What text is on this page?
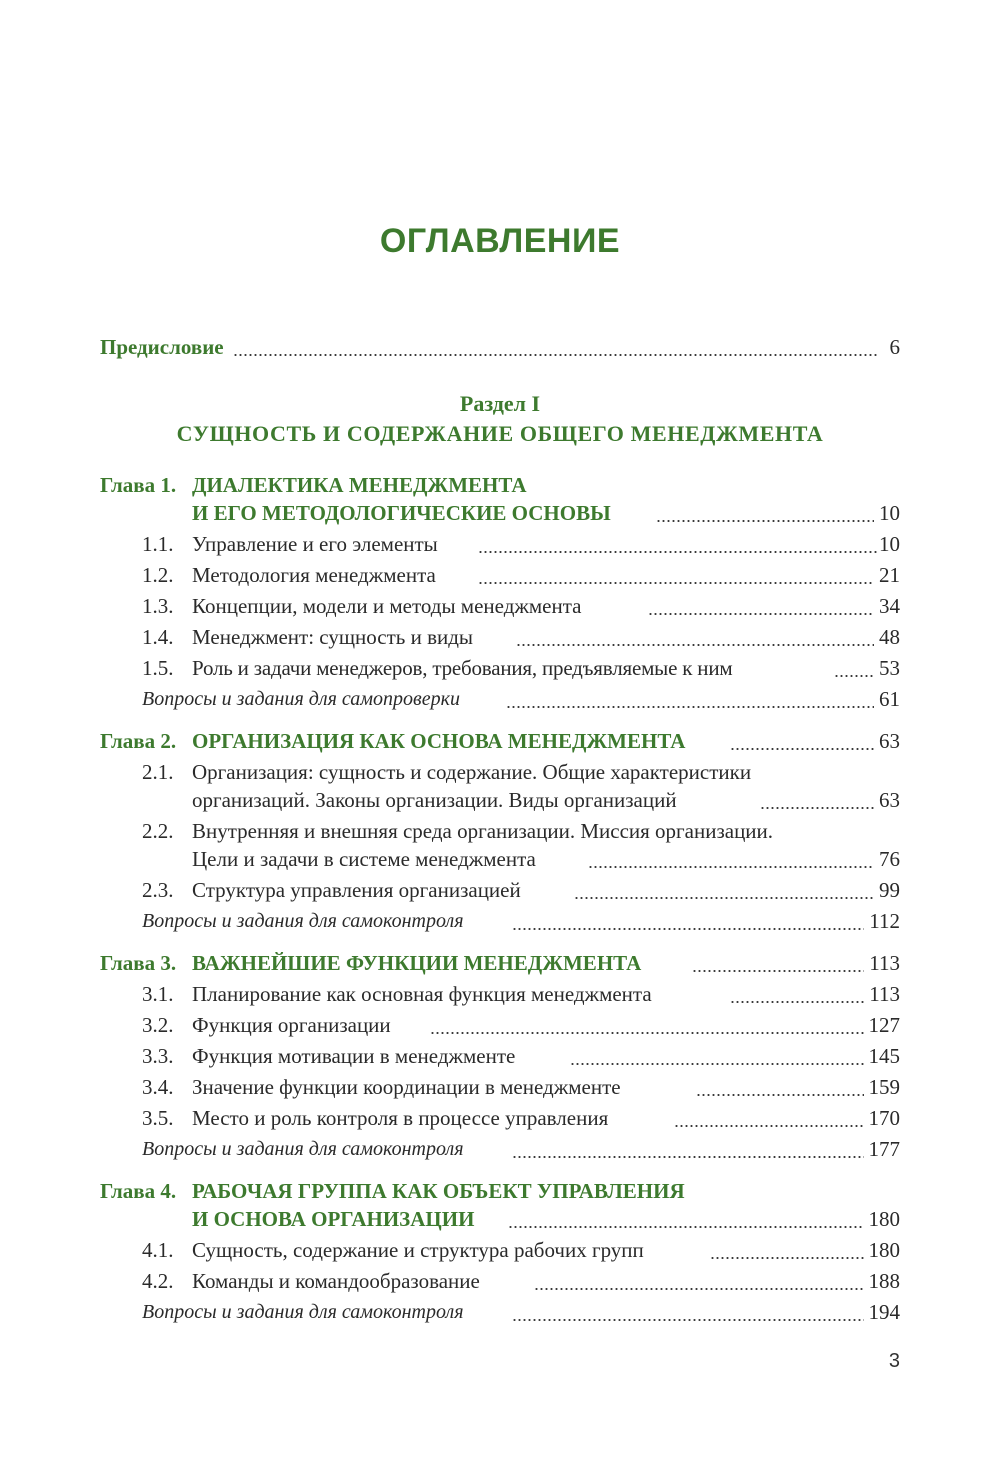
ОГЛАВЛЕНИЕ
Предисловие	6
Раздел I
СУЩНОСТЬ И СОДЕРЖАНИЕ ОБЩЕГО МЕНЕДЖМЕНТА
Глава 1. ДИАЛЕКТИКА МЕНЕДЖМЕНТА
И ЕГО МЕТОДОЛОГИЧЕСКИЕ ОСНОВЫ	10
1.1. Управление и его элементы	10
1.2. Методология менеджмента	21
1.3. Концепции, модели и методы менеджмента	34
1.4. Менеджмент: сущность и виды	48
1.5. Роль и задачи менеджеров, требования, предъявляемые к ним	53
Вопросы и задания для самопроверки	61
Глава 2. ОРГАНИЗАЦИЯ КАК ОСНОВА МЕНЕДЖМЕНТА	63
2.1. Организация: сущность и содержание. Общие характеристики
организаций. Законы организации. Виды организаций	63
2.2. Внутренняя и внешняя среда организации. Миссия организации.
Цели и задачи в системе менеджмента	76
2.3. Структура управления организацией	99
Вопросы и задания для самоконтроля	112
Глава 3. ВАЖНЕЙШИЕ ФУНКЦИИ МЕНЕДЖМЕНТА	113
3.1. Планирование как основная функция менеджмента	113
3.2. Функция организации	127
3.3. Функция мотивации в менеджменте	145
3.4. Значение функции координации в менеджменте	159
3.5. Место и роль контроля в процессе управления	170
Вопросы и задания для самоконтроля	177
Глава 4. РАБОЧАЯ ГРУППА КАК ОБЪЕКТ УПРАВЛЕНИЯ
И ОСНОВА ОРГАНИЗАЦИИ	180
4.1. Сущность, содержание и структура рабочих групп	180
4.2. Команды и командообразование	188
Вопросы и задания для самоконтроля	194
3
